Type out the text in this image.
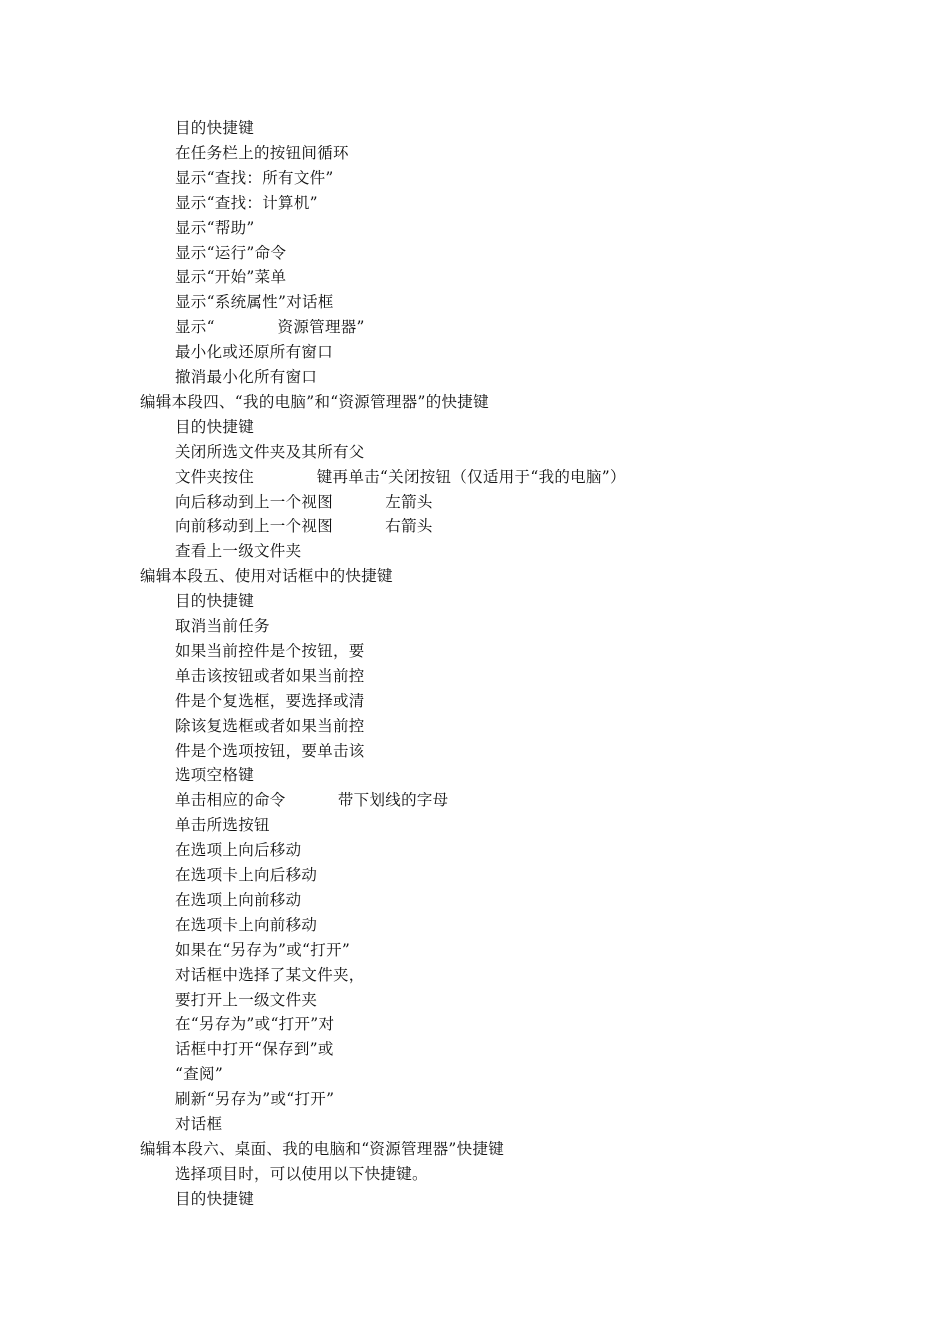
目的快捷键
在任务栏上的按钮间循环
显示“查找：所有文件”
显示“查找：计算机”
显示“帮助”
显示“运行”命令
显示“开始”菜单
显示“系统属性”对话框
显示“            资源管理器”
最小化或还原所有窗口
撤消最小化所有窗口
编辑本段四、“我的电脑”和“资源管理器”的快捷键
目的快捷键
关闭所选文件夹及其所有父
文件夹按住            键再单击“关闭按钮（仅适用于“我的电脑”）
向后移动到上一个视图          左箭头
向前移动到上一个视图          右箭头
查看上一级文件夹
编辑本段五、使用对话框中的快捷键
目的快捷键
取消当前任务
如果当前控件是个按钮，要
单击该按钮或者如果当前控
件是个复选框，要选择或清
除该复选框或者如果当前控
件是个选项按钮，要单击该
选项空格键
单击相应的命令          带下划线的字母
单击所选按钮
在选项上向后移动
在选项卡上向后移动
在选项上向前移动
在选项卡上向前移动
如果在“另存为”或“打开”
对话框中选择了某文件夹，
要打开上一级文件夹
在“另存为”或“打开”对
话框中打开“保存到”或
“查阅”
刷新“另存为”或“打开”
对话框
编辑本段六、桌面、我的电脑和“资源管理器”快捷键
选择项目时，可以使用以下快捷键。
目的快捷键
